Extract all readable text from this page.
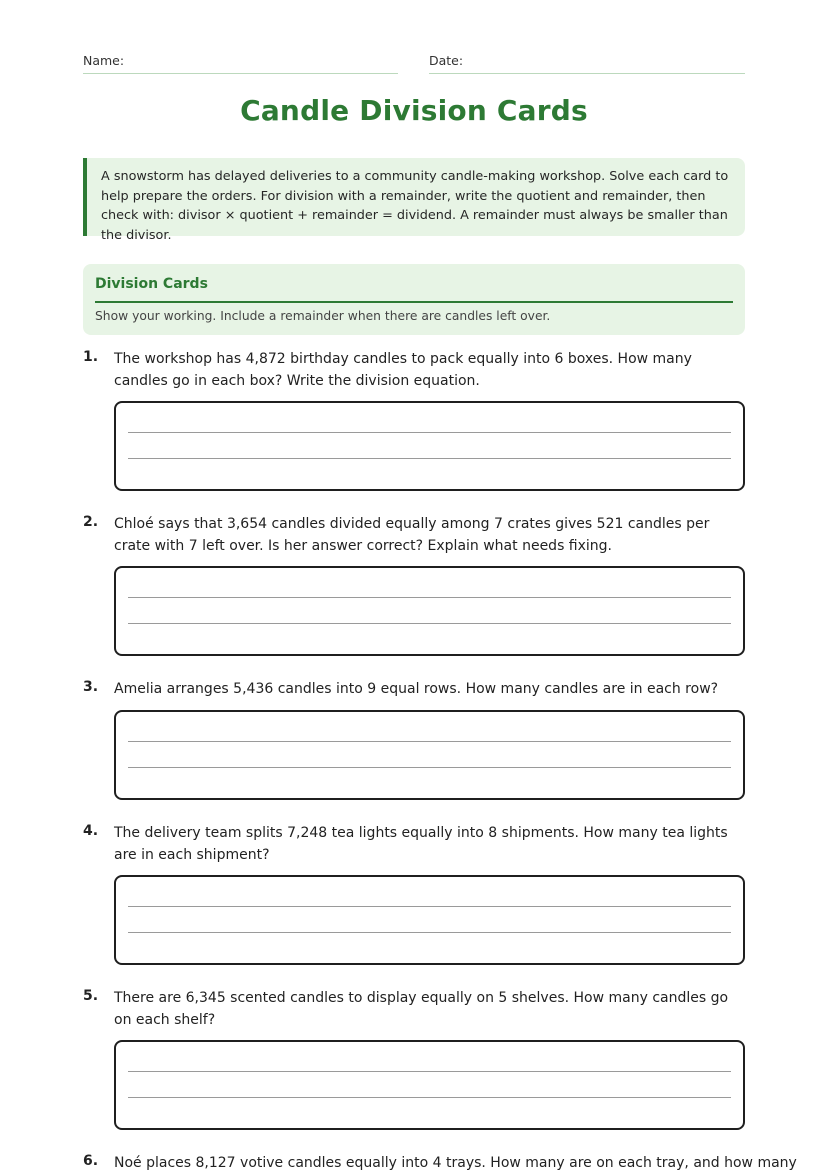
Name:	Date:
Candle Division Cards
A snowstorm has delayed deliveries to a community candle-making workshop. Solve each card to help prepare the orders. For division with a remainder, write the quotient and remainder, then check with: divisor × quotient + remainder = dividend. A remainder must always be smaller than the divisor.
Division Cards
Show your working. Include a remainder when there are candles left over.
1. The workshop has 4,872 birthday candles to pack equally into 6 boxes. How many candles go in each box? Write the division equation.
2. Chloé says that 3,654 candles divided equally among 7 crates gives 521 candles per crate with 7 left over. Is her answer correct? Explain what needs fixing.
3. Amelia arranges 5,436 candles into 9 equal rows. How many candles are in each row?
4. The delivery team splits 7,248 tea lights equally into 8 shipments. How many tea lights are in each shipment?
5. There are 6,345 scented candles to display equally on 5 shelves. How many candles go on each shelf?
6. Noé places 8,127 votive candles equally into 4 trays. How many are on each tray, and how many
